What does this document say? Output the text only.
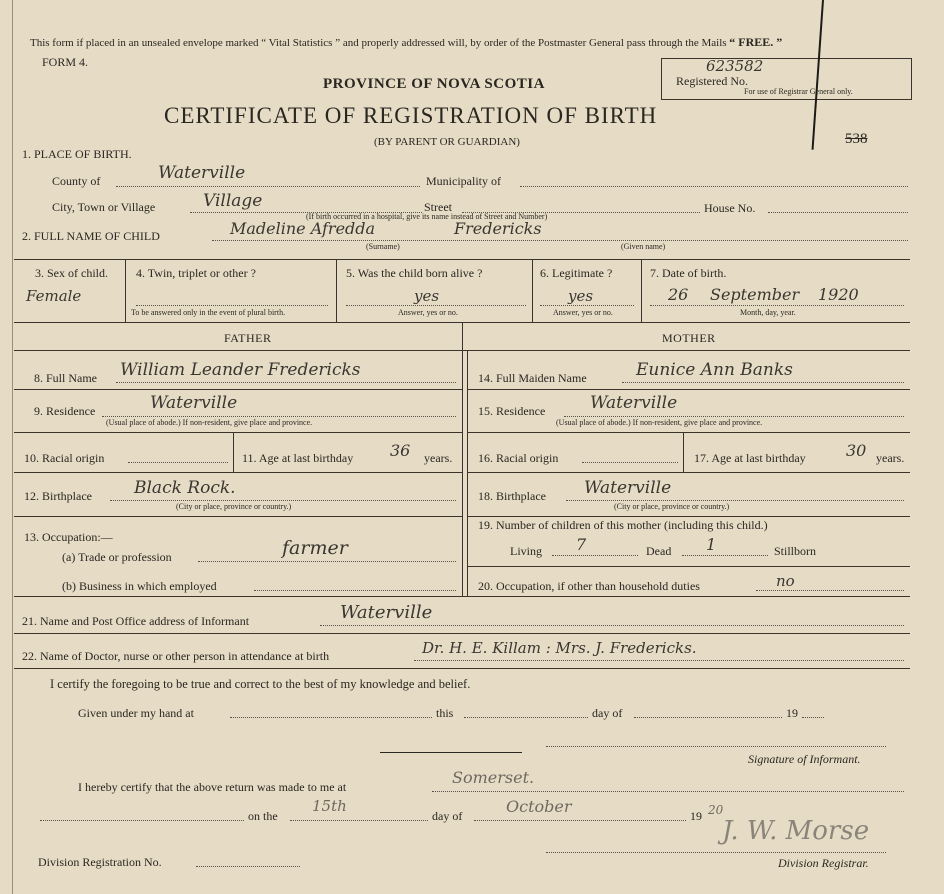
This form if placed in an unsealed envelope marked “ Vital Statistics ” and properly addressed will, by order of the Postmaster General pass through the Mails “ FREE. ”
FORM 4.
PROVINCE OF NOVA SCOTIA
CERTIFICATE OF REGISTRATION OF BIRTH
(BY PARENT OR GUARDIAN)
Registered No.
623582
For use of Registrar General only.
538
1. PLACE OF BIRTH.
County of	Waterville	Municipality of
City, Town or Village	Village	Street
(If birth occurred in a hospital, give its name instead of Street and Number)
House No.
2. FULL NAME OF CHILD	Madeline Afredda	Fredericks
(Surname)	(Given name)
3. Sex of child.
Female
4. Twin, triplet or other ?
To be answered only in the event of plural birth.
5. Was the child born alive ?
yes
Answer, yes or no.
6. Legitimate ?
yes
Answer, yes or no.
7. Date of birth.
26 September 1920
Month, day, year.
FATHER	MOTHER
8. Full Name William Leander Fredericks
9. Residence	Waterville
(Usual place of abode.) If non-resident, give place and province.
10. Racial origin	11. Age at last birthday 36 years.
12. Birthplace Black Rock.
(City or place, province or country.)
13. Occupation:—
(a) Trade or profession	farmer
(b) Business in which employed
14. Full Maiden Name	Eunice Ann Banks
15. Residence	Waterville
(Usual place of abode.) If non-resident, give place and province.
16. Racial origin	17. Age at last birthday	30 years.
18. Birthplace Waterville
(City or place, province or country.)
19. Number of children of this mother (including this child.)
Living 7	Dead 1	Stillborn
20. Occupation, if other than household duties	no
21. Name and Post Office address of Informant	Waterville
22. Name of Doctor, nurse or other person in attendance at birth	Dr. H. E. Killam : Mrs. J. Fredericks.
I certify the foregoing to be true and correct to the best of my knowledge and belief.
Given under my hand at	this	day of	19
Signature of Informant.
I hereby certify that the above return was made to me at	Somerset.
on the
15th
day of	October	19 20
J. W. Morse
Division Registrar.
Division Registration No.
